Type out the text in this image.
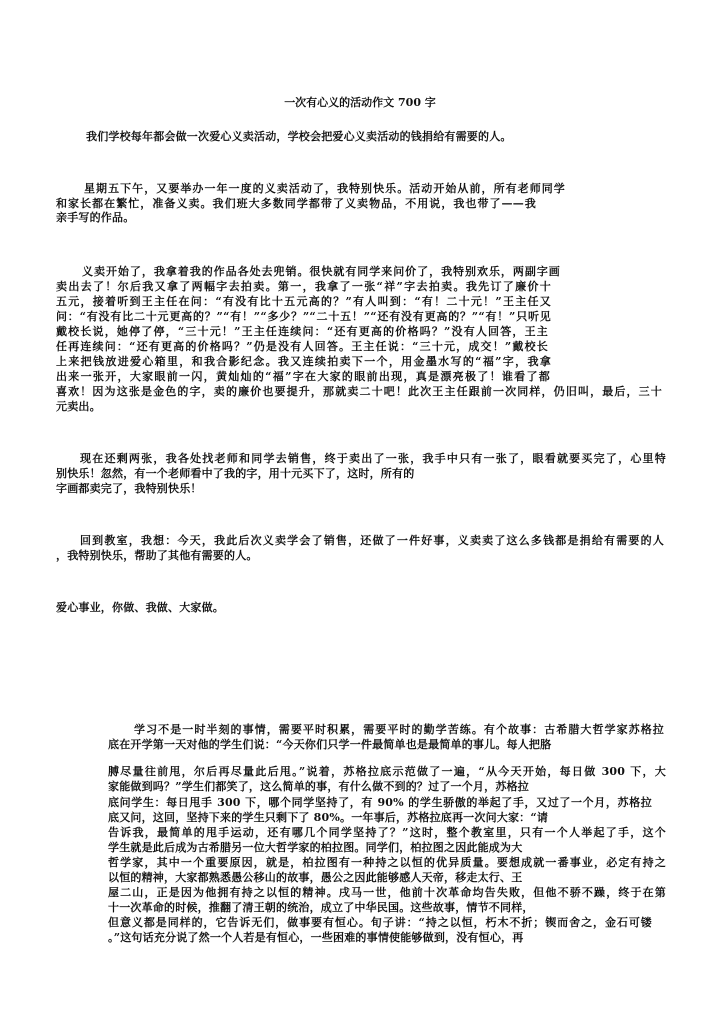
一次有心义的活动作文 700 字
我们学校每年都会做一次爱心义卖活动，学校会把爱心义卖活动的钱捐给有需要的人。
星期五下午，又要举办一年一度的义卖活动了，我特别快乐。活动开始从前，所有老师同学
和家长都在繁忙，准备义卖。我们班大多数同学都带了义卖物品，不用说，我也带了——我
亲手写的作品。
义卖开始了，我拿着我的作品各处去兜销。很快就有同学来问价了，我特别欢乐，两副字画
卖出去了！尔后我又拿了两幅字去拍卖。第一，我拿了一张“祥”字去拍卖。我先订了廉价十
五元，接着听到王主任在问：“有没有比十五元高的？”有人叫到：“有！二十元！”王主任又
问：“有没有比二十元更高的？”“有！”“多少？”“二十五！”“还有没有更高的？”“有！”只听见
戴校长说，她停了停，“三十元！”王主任连续问：“还有更高的价格吗？”没有人回答，王主
任再连续问：“还有更高的价格吗？”仍是没有人回答。王主任说：“三十元，成交！”戴校长
上来把钱放进爱心箱里，和我合影纪念。我又连续拍卖下一个，用金墨水写的“福”字，我拿
出来一张开，大家眼前一闪，黄灿灿的“福”字在大家的眼前出现，真是漂亮极了！谁看了都
喜欢！因为这张是金色的字，卖的廉价也要提升，那就卖二十吧！此次王主任跟前一次同样，仍旧叫，最后，三十
元卖出。
现在还剩两张，我各处找老师和同学去销售，终于卖出了一张，我手中只有一张了，眼看就要买完了，心里特
别快乐！忽然，有一个老师看中了我的字，用十元买下了，这时，所有的
字画都卖完了，我特别快乐！
回到教室，我想：今天，我此后次义卖学会了销售，还做了一件好事，义卖卖了这么多钱都是捐给有需要的人
，我特别快乐，帮助了其他有需要的人。
爱心事业，你做、我做、大家做。
学习不是一时半刻的事情，需要平时积累，需要平时的勤学苦练。有个故事：古希腊大哲学家苏格拉
底在开学第一天对他的学生们说：“今天你们只学一件最简单也是最简单的事儿。每人把胳
膊尽量往前甩，尔后再尽量此后甩。”说着，苏格拉底示范做了一遍，“从今天开始，每日做 300 下，大
家能做到吗？”学生们都笑了，这么简单的事，有什么做不到的？过了一个月，苏格拉
底问学生：每日甩手 300 下，哪个同学坚持了，有 90% 的学生骄傲的举起了手，又过了一个月，苏格拉
底又问，这回，坚持下来的学生只剩下了 80%。一年事后，苏格拉底再一次问大家：“请
告诉我，最简单的甩手运动，还有哪几个同学坚持了？”这时，整个教室里，只有一个人举起了手，这个
学生就是此后成为古希腊另一位大哲学家的柏拉图。同学们，柏拉图之因此能成为大
哲学家，其中一个重要原因，就是，柏拉图有一种持之以恒的优异质量。要想成就一番事业，必定有持之
以恒的精神，大家都熟悉愚公移山的故事，愚公之因此能够感人天帝，移走太行、王
屋二山，正是因为他拥有持之以恒的精神。戌马一世，他前十次革命均告失败，但他不骄不躁，终于在第
十一次革命的时候，推翻了清王朝的统治，成立了中华民国。这些故事，情节不同样，
但意义都是同样的，它告诉无们，做事要有恒心。旬子讲：“持之以恒，朽木不折；锲而舍之，金石可镂
。”这句话充分说了然一个人若是有恒心，一些困难的事情使能够做到，没有恒心，再
